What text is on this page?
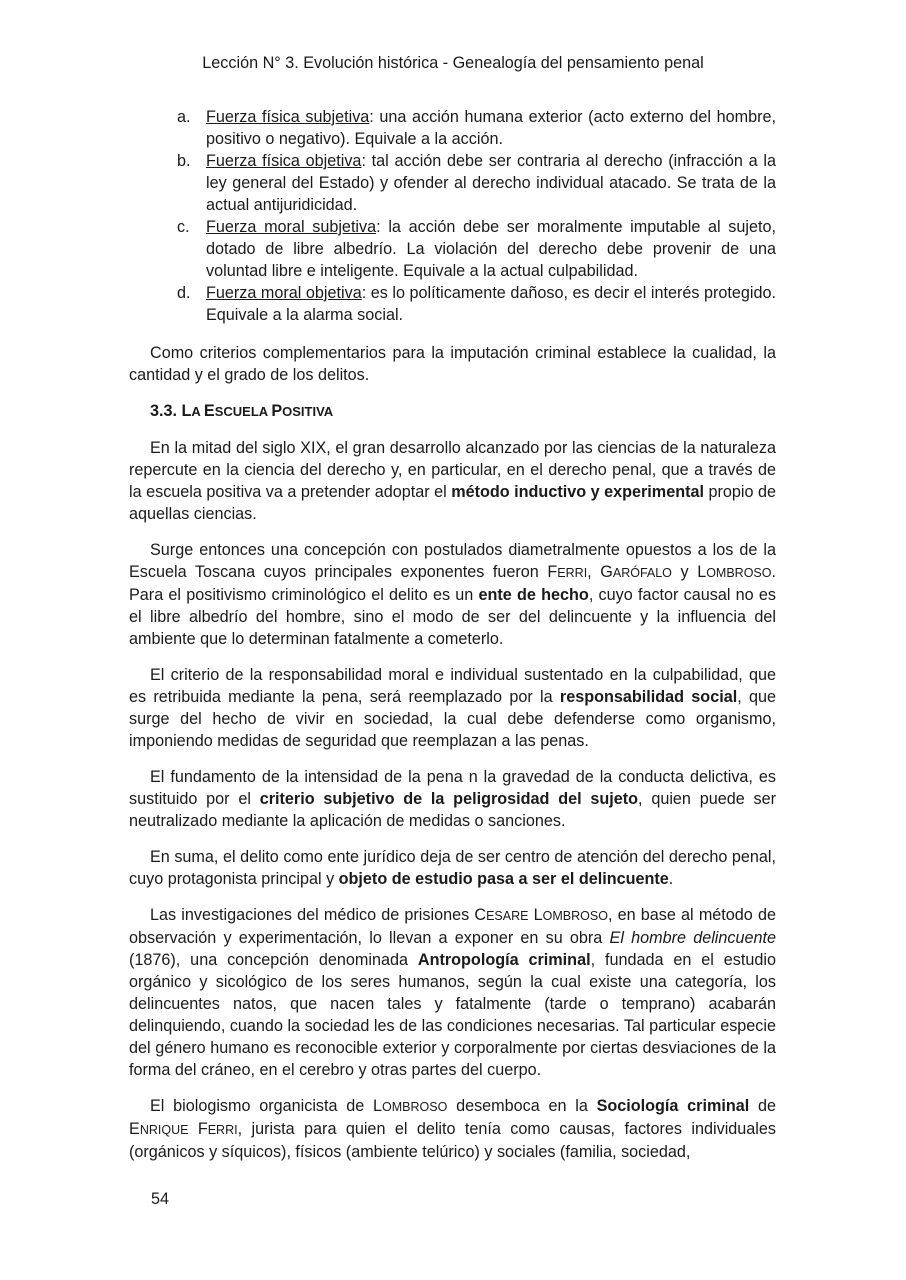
Lección N° 3. Evolución histórica - Genealogía del pensamiento penal
a. Fuerza física subjetiva: una acción humana exterior (acto externo del hombre, positivo o negativo). Equivale a la acción.
b. Fuerza física objetiva: tal acción debe ser contraria al derecho (infracción a la ley general del Estado) y ofender al derecho individual atacado. Se trata de la actual antijuridicidad.
c. Fuerza moral subjetiva: la acción debe ser moralmente imputable al sujeto, dotado de libre albedrío. La violación del derecho debe provenir de una voluntad libre e inteligente. Equivale a la actual culpabilidad.
d. Fuerza moral objetiva: es lo políticamente dañoso, es decir el interés protegido. Equivale a la alarma social.

Como criterios complementarios para la imputación criminal establece la cualidad, la cantidad y el grado de los delitos.

3.3. LA ESCUELA POSITIVA

En la mitad del siglo XIX, el gran desarrollo alcanzado por las ciencias de la naturaleza repercute en la ciencia del derecho y, en particular, en el derecho penal, que a través de la escuela positiva va a pretender adoptar el método inductivo y experimental propio de aquellas ciencias.

Surge entonces una concepción con postulados diametralmente opuestos a los de la Escuela Toscana cuyos principales exponentes fueron FERRI, GARÓFALO y LOMBROSO. Para el positivismo criminológico el delito es un ente de hecho, cuyo factor causal no es el libre albedrío del hombre, sino el modo de ser del delincuente y la influencia del ambiente que lo determinan fatalmente a cometerlo.

El criterio de la responsabilidad moral e individual sustentado en la culpabilidad, que es retribuida mediante la pena, será reemplazado por la responsabilidad social, que surge del hecho de vivir en sociedad, la cual debe defenderse como organismo, imponiendo medidas de seguridad que reemplazan a las penas.

El fundamento de la intensidad de la pena n la gravedad de la conducta delictiva, es sustituido por el criterio subjetivo de la peligrosidad del sujeto, quien puede ser neutralizado mediante la aplicación de medidas o sanciones.

En suma, el delito como ente jurídico deja de ser centro de atención del derecho penal, cuyo protagonista principal y objeto de estudio pasa a ser el delincuente.

Las investigaciones del médico de prisiones CESARE LOMBROSO, en base al método de observación y experimentación, lo llevan a exponer en su obra El hombre delincuente (1876), una concepción denominada Antropología criminal, fundada en el estudio orgánico y sicológico de los seres humanos, según la cual existe una categoría, los delincuentes natos, que nacen tales y fatalmente (tarde o temprano) acabarán delinquiendo, cuando la sociedad les de las condiciones necesarias. Tal particular especie del género humano es reconocible exterior y corporalmente por ciertas desviaciones de la forma del cráneo, en el cerebro y otras partes del cuerpo.

El biologismo organicista de LOMBROSO desemboca en la Sociología criminal de ENRIQUE FERRI, jurista para quien el delito tenía como causas, factores individuales (orgánicos y síquicos), físicos (ambiente telúrico) y sociales (familia, sociedad,

54
